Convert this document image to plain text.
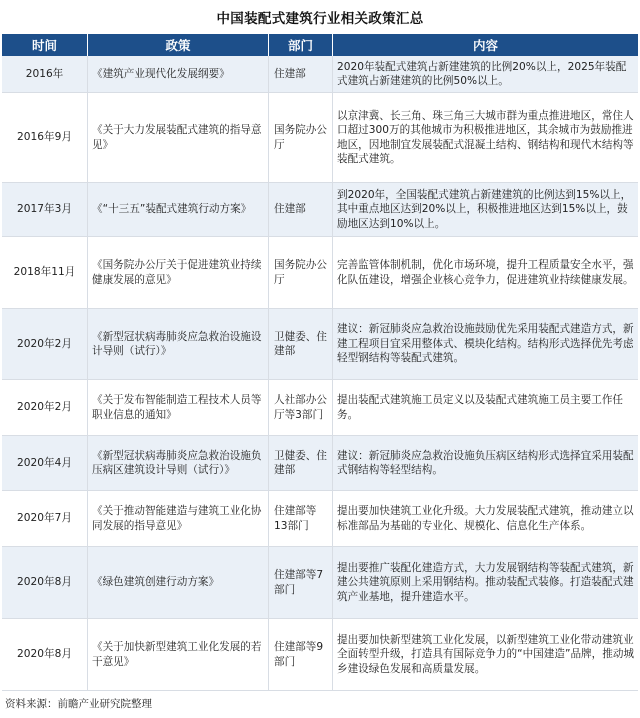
中国装配式建筑行业相关政策汇总
时间	政策	部门	内容
2016年	《建筑产业现代化发展纲要》	住建部	2020年装配式建筑占新建建筑的比例20%以上，2025年装配式建筑占新建建筑的比例50%以上。
2016年9月	《关于大力发展装配式建筑的指导意见》	国务院办公厅	以京津冀、长三角、珠三角三大城市群为重点推进地区，常住人口超过300万的其他城市为积极推进地区，其余城市为鼓励推进地区，因地制宜发展装配式混凝土结构、钢结构和现代木结构等装配式建筑。
2017年3月	《“十三五”装配式建筑行动方案》	住建部	到2020年，全国装配式建筑占新建建筑的比例达到15%以上，其中重点地区达到20%以上，积极推进地区达到15%以上，鼓励地区达到10%以上。
2018年11月	《国务院办公厅关于促进建筑业持续健康发展的意见》	国务院办公厅	完善监管体制机制，优化市场环境，提升工程质量安全水平，强化队伍建设，增强企业核心竞争力，促进建筑业持续健康发展。
2020年2月	《新型冠状病毒肺炎应急救治设施设计导则（试行）》	卫健委、住建部	建议：新冠肺炎应急救治设施鼓励优先采用装配式建造方式，新建工程项目宜采用整体式、模块化结构。结构形式选择优先考虑轻型钢结构等装配式建筑。
2020年2月	《关于发布智能制造工程技术人员等职业信息的通知》	人社部办公厅等3部门	提出装配式建筑施工员定义以及装配式建筑施工员主要工作任务。
2020年4月	《新型冠状病毒肺炎应急救治设施负压病区建筑设计导则（试行）》	卫健委、住建部	建议：新冠肺炎应急救治设施负压病区结构形式选择宜采用装配式钢结构等轻型结构。
2020年7月	《关于推动智能建造与建筑工业化协同发展的指导意见》	住建部等13部门	提出要加快建筑工业化升级。大力发展装配式建筑，推动建立以标准部品为基础的专业化、规模化、信息化生产体系。
2020年8月	《绿色建筑创建行动方案》	住建部等7部门	提出要推广装配化建造方式，大力发展钢结构等装配式建筑，新建公共建筑原则上采用钢结构。推动装配式装修。打造装配式建筑产业基地，提升建造水平。
2020年8月	《关于加快新型建筑工业化发展的若干意见》	住建部等9部门	提出要加快新型建筑工业化发展，以新型建筑工业化带动建筑业全面转型升级，打造具有国际竞争力的“中国建造”品牌，推动城乡建设绿色发展和高质量发展。
资料来源：前瞻产业研究院整理
